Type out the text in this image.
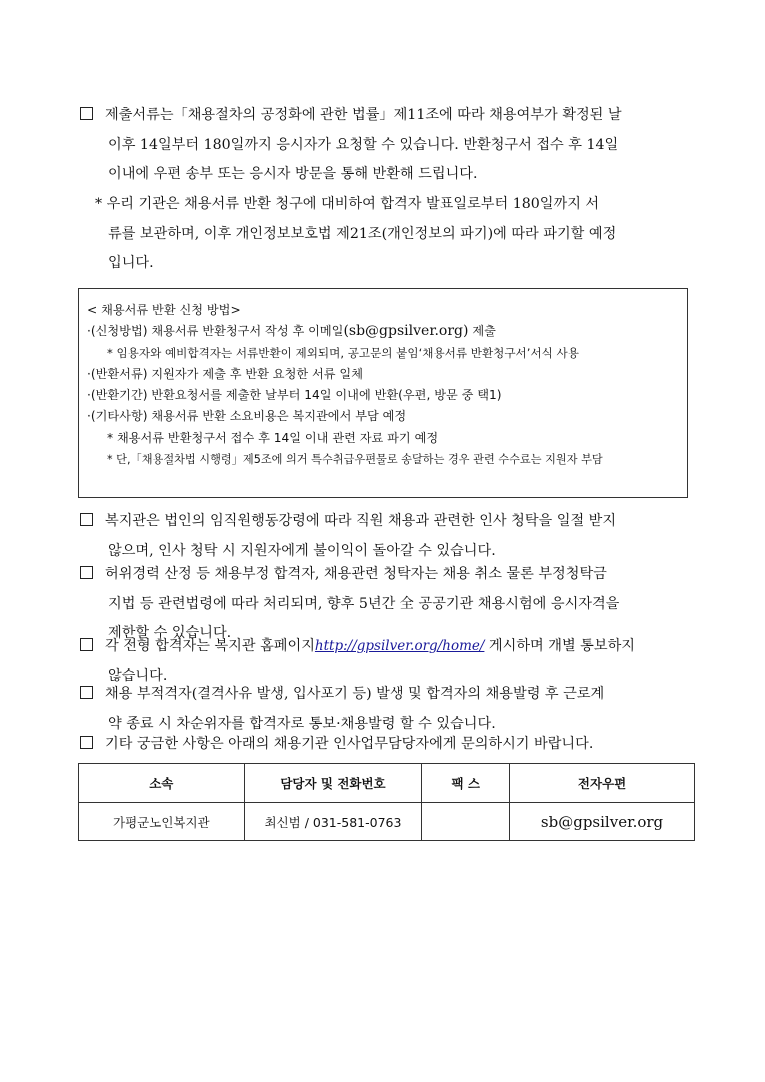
제출서류는「채용절차의 공정화에 관한 법률」제11조에 따라 채용여부가 확정된 날
이후 14일부터 180일까지 응시자가 요청할 수 있습니다. 반환청구서 접수 후 14일
이내에 우편 송부 또는 응시자 방문을 통해 반환해 드립니다.
* 우리 기관은 채용서류 반환 청구에 대비하여 합격자 발표일로부터 180일까지 서
류를 보관하며, 이후 개인정보보호법 제21조(개인정보의 파기)에 따라 파기할 예정
입니다.
< 채용서류 반환 신청 방법>
·(신청방법) 채용서류 반환청구서 작성 후 이메일(sb@gpsilver.org) 제출
* 임용자와 예비합격자는 서류반환이 제외되며, 공고문의 붙임‘채용서류 반환청구서’서식 사용
·(반환서류) 지원자가 제출 후 반환 요청한 서류 일체
·(반환기간) 반환요청서를 제출한 날부터 14일 이내에 반환(우편, 방문 중 택1)
·(기타사항) 채용서류 반환 소요비용은 복지관에서 부담 예정
* 채용서류 반환청구서 접수 후 14일 이내 관련 자료 파기 예정
* 단,「채용절차법 시행령」제5조에 의거 특수취급우편물로 송달하는 경우 관련 수수료는 지원자 부담
복지관은 법인의 임직원행동강령에 따라 직원 채용과 관련한 인사 청탁을 일절 받지
않으며, 인사 청탁 시 지원자에게 불이익이 돌아갈 수 있습니다.
허위경력 산정 등 채용부정 합격자, 채용관련 청탁자는 채용 취소 물론 부정청탁금
지법 등 관련법령에 따라 처리되며, 향후 5년간 全 공공기관 채용시험에 응시자격을
제한할 수 있습니다.
각 전형 합격자는 복지관 홈페이지http://gpsilver.org/home/ 게시하며 개별 통보하지
않습니다.
채용 부적격자(결격사유 발생, 입사포기 등) 발생 및 합격자의 채용발령 후 근로계
약 종료 시 차순위자를 합격자로 통보·채용발령 할 수 있습니다.
기타 궁금한 사항은 아래의 채용기관 인사업무담당자에게 문의하시기 바랍니다.
소속	담당자 및 전화번호	팩 스	전자우편
가평군노인복지관	최신범 / 031-581-0763		sb@gpsilver.org
